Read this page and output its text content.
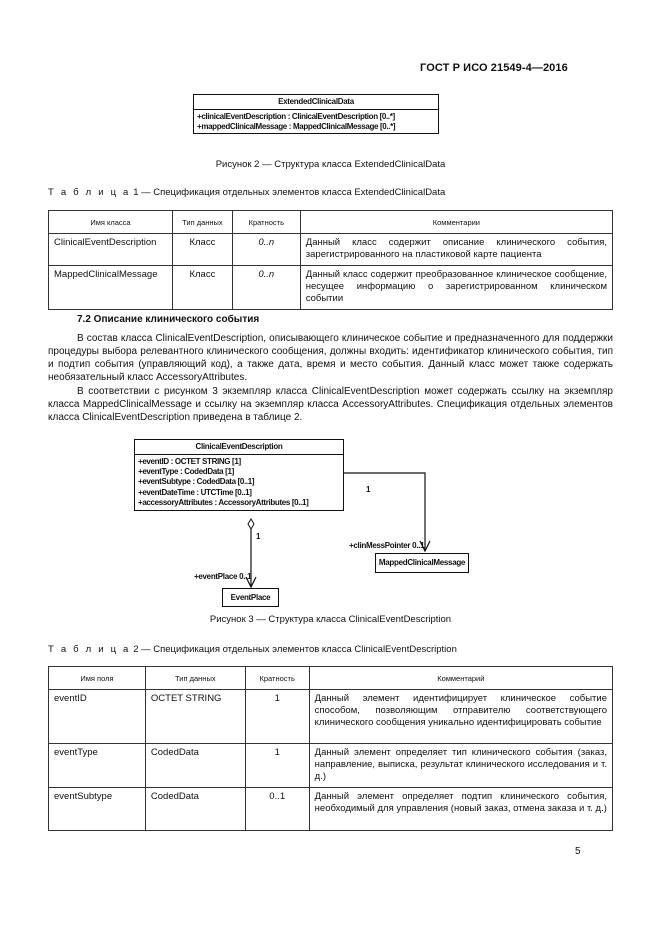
ГОСТ Р ИСО 21549-4—2016
ExtendedClinicalData
+clinicalEventDescription : ClinicalEventDescription [0..*]
+mappedClinicalMessage : MappedClinicalMessage [0..*]
Рисунок 2 — Структура класса ExtendedClinicalData
Т а б л и ц а 1 — Спецификация отдельных элементов класса ExtendedClinicalData
Имя класса	Тип данных	Кратность	Комментарии
ClinicalEventDescription	Класс	0..n	Данный класс содержит описание клинического события, зарегистрированного на пластиковой карте пациента
MappedClinicalMessage	Класс	0..n	Данный класс содержит преобразованное клиническое сообщение, несущее информацию о зарегистрированном клиническом событии
7.2 Описание клинического события
В состав класса ClinicalEventDescription, описывающего клиническое событие и предназначенного для поддержки процедуры выбора релевантного клинического сообщения, должны входить: идентификатор клинического события, тип и подтип события (управляющий код), а также дата, время и место события. Данный класс может также содержать необязательный класс AccessoryAttributes.
В соответствии с рисунком 3 экземпляр класса ClinicalEventDescription может содержать ссылку на экземпляр класса MappedClinicalMessage и ссылку на экземпляр класса AccessoryAttributes. Спецификация отдельных элементов класса ClinicalEventDescription приведена в таблице 2.
ClinicalEventDescription
+eventID : OCTET STRING [1]
+eventType : CodedData [1]
+eventSubtype : CodedData [0..1]
+eventDateTime : UTCTime [0..1]
+accessoryAttributes : AccessoryAttributes [0..1]
1
1
+clinMessPointer 0..1
MappedClinicalMessage
+eventPlace 0..1
EventPlace
Рисунок 3 — Структура класса ClinicalEventDescription
Т а б л и ц а 2 — Спецификация отдельных элементов класса ClinicalEventDescription
Имя поля	Тип данных	Кратность	Комментарий
eventID	OCTET STRING	1	Данный элемент идентифицирует клиническое событие способом, позволяющим отправителю соответствующего клинического сообщения уникально идентифицировать событие
eventType	CodedData	1	Данный элемент определяет тип клинического события (заказ, направление, выписка, результат клинического исследования и т. д.)
eventSubtype	CodedData	0..1	Данный элемент определяет подтип клинического события, необходимый для управления (новый заказ, отмена заказа и т. д.)
5
